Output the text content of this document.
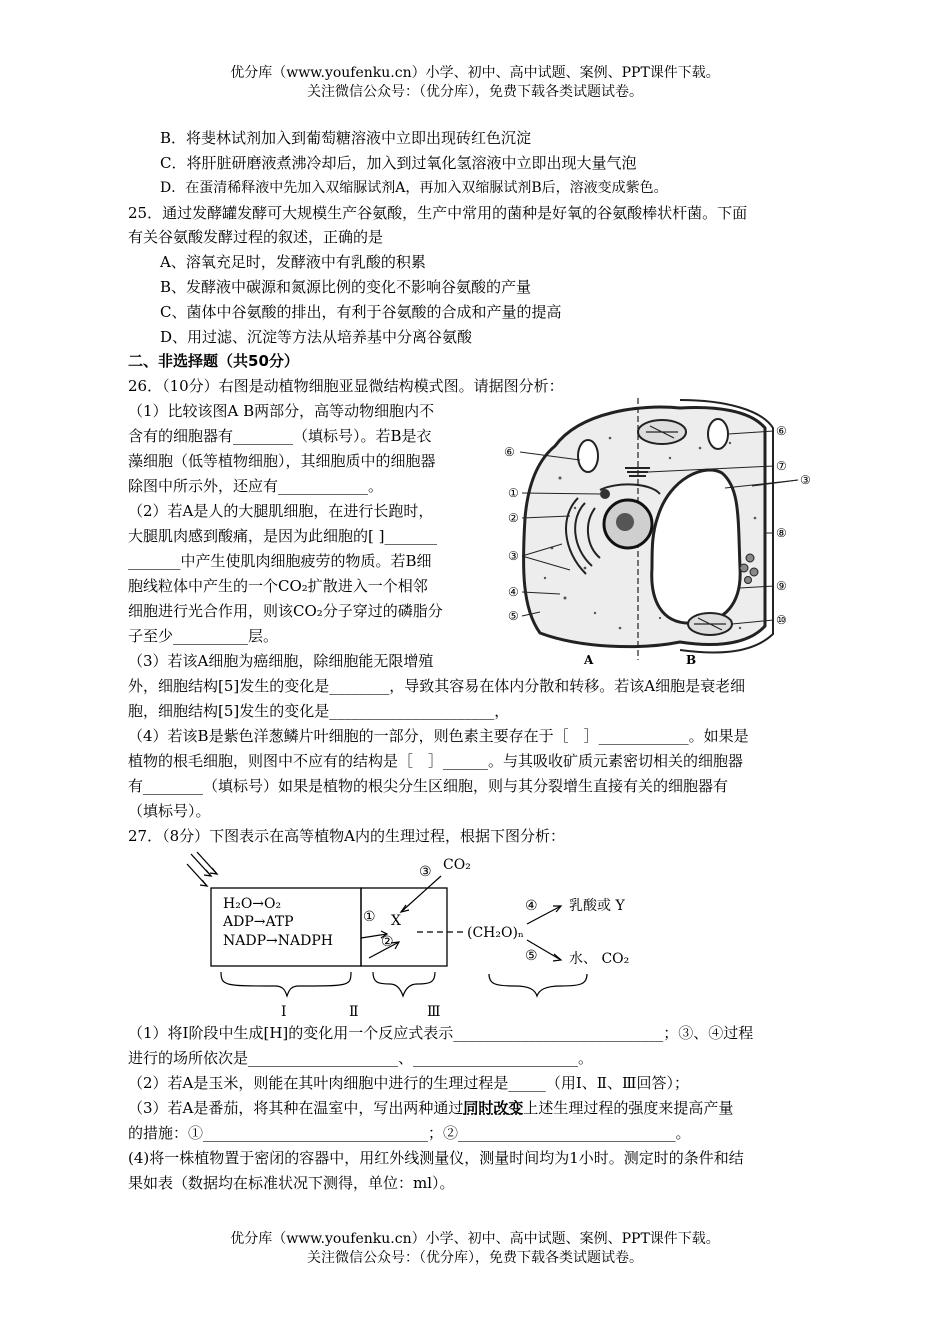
优分库（www.youfenku.cn）小学、初中、高中试题、案例、PPT课件下载。
关注微信公众号：（优分库），免费下载各类试题试卷。
B．将斐林试剂加入到葡萄糖溶液中立即出现砖红色沉淀
C．将肝脏研磨液煮沸冷却后，加入到过氧化氢溶液中立即出现大量气泡
D．在蛋清稀释液中先加入双缩脲试剂A，再加入双缩脲试剂B后，溶液变成紫色。
25．通过发酵罐发酵可大规模生产谷氨酸，生产中常用的菌种是好氧的谷氨酸棒状杆菌。下面
有关谷氨酸发酵过程的叙述，正确的是
A、溶氧充足时，发酵液中有乳酸的积累
B、发酵液中碳源和氮源比例的变化不影响谷氨酸的产量
C、菌体中谷氨酸的排出，有利于谷氨酸的合成和产量的提高
D、用过滤、沉淀等方法从培养基中分离谷氨酸
二、非选择题（共50分）
26．（10分）右图是动植物细胞亚显微结构模式图。请据图分析：
（1）比较该图A B两部分，高等动物细胞内不
含有的细胞器有________（填标号）。若B是衣
藻细胞（低等植物细胞），其细胞质中的细胞器
除图中所示外，还应有____________。
（2）若A是人的大腿肌细胞，在进行长跑时，
大腿肌肉感到酸痛，是因为此细胞的[ ]_______
_______中产生使肌肉细胞疲劳的物质。若B细
胞线粒体中产生的一个CO₂扩散进入一个相邻
细胞进行光合作用，则该CO₂分子穿过的磷脂分
子至少__________层。
（3）若该A细胞为癌细胞，除细胞能无限增殖
外，细胞结构[5]发生的变化是________，导致其容易在体内分散和转移。若该A细胞是衰老细
胞，细胞结构[5]发生的变化是______________________，
（4）若该B是紫色洋葱鳞片叶细胞的一部分，则色素主要存在于［　］____________。如果是
植物的根毛细胞，则图中不应有的结构是［　］______。与其吸收矿质元素密切相关的细胞器
有________（填标号）如果是植物的根尖分生区细胞，则与其分裂增生直接有关的细胞器有
（填标号）。
⑥
①
②
③
④
⑤
⑥
⑦
③
⑧
⑨
⑩
A	B
27．（8分）下图表示在高等植物A内的生理过程，根据下图分析：
H₂O→O₂
ADP→ATP
NADP→NADPH
① X
②
③ CO₂
(CH₂O)ₙ
④ 乳酸或 Y
⑤ 水、 CO₂
Ⅰ	Ⅱ	Ⅲ
（1）将Ⅰ阶段中生成[H]的变化用一个反应式表示____________________________；③、④过程
进行的场所依次是____________________、______________________。
（2）若A是玉米，则能在其叶肉细胞中进行的生理过程是_____（用Ⅰ、Ⅱ、Ⅲ回答）；
（3）若A是番茄，将其种在温室中，写出两种通过同时改变上述生理过程的强度来提高产量
的措施：①______________________________；②_____________________________。
(4)将一株植物置于密闭的容器中，用红外线测量仪，测量时间均为1小时。测定时的条件和结
果如表（数据均在标准状况下测得，单位：ml）。
优分库（www.youfenku.cn）小学、初中、高中试题、案例、PPT课件下载。
关注微信公众号：（优分库），免费下载各类试题试卷。
